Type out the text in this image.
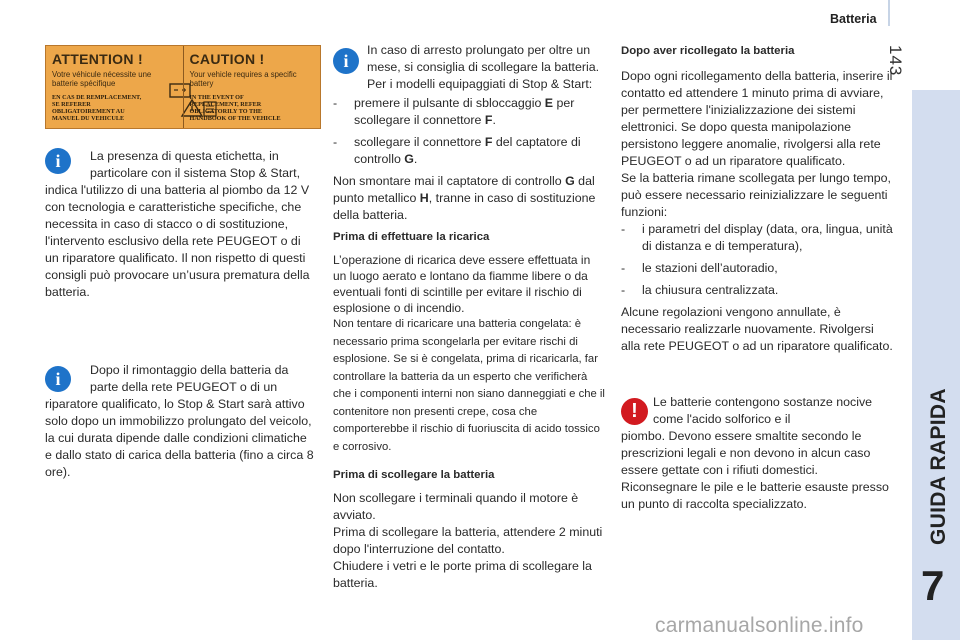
Batteria
143
GUIDA RAPIDA
7
ATTENTION !
Votre véhicule nécessite une batterie spécifique
EN CAS DE REMPLACEMENT, SE REFERER OBLIGATOIREMENT AU MANUEL DU VEHICULE
CAUTION !
Your vehicle requires a specific battery
IN THE EVENT OF REPLACEMENT, REFER OBLIGATORILY TO THE HANDBOOK OF THE VEHICLE
i	La presenza di questa etichetta, in particolare con il sistema Stop & Start,

indica l'utilizzo di una batteria al piombo da 12 V con tecnologia e caratteristiche specifiche, che necessita in caso di stacco o di sostituzione, l'intervento esclusivo della rete PEUGEOT o di un riparatore qualificato. Il non rispetto di questi consigli può provocare un’usura prematura della batteria.

i	Dopo il rimontaggio della batteria da parte della rete PEUGEOT o di un

riparatore qualificato, lo Stop & Start sarà attivo solo dopo un immobilizzo prolungato del veicolo, la cui durata dipende dalle condizioni climatiche e dallo stato di carica della batteria (fino a circa 8 ore).

i

In caso di arresto prolungato per oltre un mese, si consiglia di scollegare la batteria. Per i modelli equipaggiati di Stop & Start:

-	premere il pulsante di sbloccaggio E per scollegare il connettore F.
-	scollegare il connettore F del captatore di controllo G.

Non smontare mai il captatore di controllo G dal punto metallico H, tranne in caso di sostituzione della batteria.

Prima di effettuare la ricarica

L’operazione di ricarica deve essere effettuata in un luogo aerato e lontano da fiamme libere o da eventuali fonti di scintille per evitare il rischio di esplosione o di incendio.

Non tentare di ricaricare una batteria congelata: è necessario prima scongelarla per evitare rischi di esplosione. Se si è congelata, prima di ricaricarla, far controllare la batteria da un esperto che verificherà che i componenti interni non siano danneggiati e che il contenitore non presenti crepe, cosa che comporterebbe il rischio di fuoriuscita di acido tossico e corrosivo.

Prima di scollegare la batteria

Non scollegare i terminali quando il motore è avviato.

Prima di scollegare la batteria, attendere 2 minuti dopo l'interruzione del contatto.

Chiudere i vetri e le porte prima di scollegare la batteria.

Dopo aver ricollegato la batteria

Dopo ogni ricollegamento della batteria, inserire il contatto ed attendere 1 minuto prima di avviare, per permettere l'inizializzazione dei sistemi elettronici. Se dopo questa manipolazione persistono leggere anomalie, rivolgersi alla rete PEUGEOT o ad un riparatore qualificato.

Se la batteria rimane scollegata per lungo tempo, può essere necessario reinizializzare le seguenti funzioni:

-	i parametri del display (data, ora, lingua, unità di distanza e di temperatura),
-	le stazioni dell’autoradio,
-	la chiusura centralizzata.

Alcune regolazioni vengono annullate, è necessario realizzarle nuovamente. Rivolgersi alla rete PEUGEOT o ad un riparatore qualificato.

!	Le batterie contengono sostanze nocive come l'acido solforico e il

piombo. Devono essere smaltite secondo le prescrizioni legali e non devono in alcun caso essere gettate con i rifiuti domestici. Riconsegnare le pile e le batterie esauste presso un punto di raccolta specializzato.

carmanualsonline.info
